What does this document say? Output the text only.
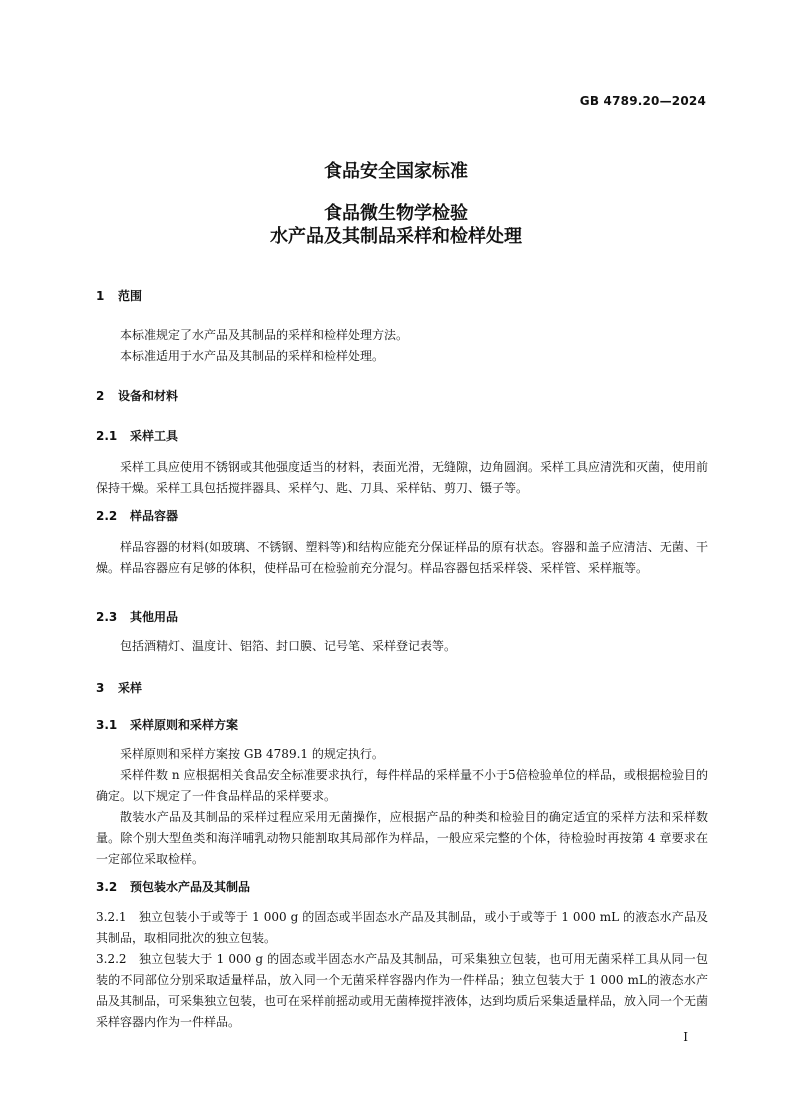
GB 4789.20—2024
食品安全国家标准
食品微生物学检验
水产品及其制品采样和检样处理
1 范围

本标准规定了水产品及其制品的采样和检样处理方法。

本标准适用于水产品及其制品的采样和检样处理。

2 设备和材料
2.1 采样工具

采样工具应使用不锈钢或其他强度适当的材料，表面光滑，无缝隙，边角圆润。采样工具应清洗和灭菌，使用前保持干燥。采样工具包括搅拌器具、采样勺、匙、刀具、采样钻、剪刀、镊子等。

2.2 样品容器

样品容器的材料(如玻璃、不锈钢、塑料等)和结构应能充分保证样品的原有状态。容器和盖子应清洁、无菌、干燥。样品容器应有足够的体积，使样品可在检验前充分混匀。样品容器包括采样袋、采样管、采样瓶等。

2.3 其他用品

包括酒精灯、温度计、铝箔、封口膜、记号笔、采样登记表等。

3 采样
3.1 采样原则和采样方案

采样原则和采样方案按 GB 4789.1 的规定执行。

采样件数 n 应根据相关食品安全标准要求执行，每件样品的采样量不小于5倍检验单位的样品，或根据检验目的确定。以下规定了一件食品样品的采样要求。

散装水产品及其制品的采样过程应采用无菌操作，应根据产品的种类和检验目的确定适宜的采样方法和采样数量。除个别大型鱼类和海洋哺乳动物只能割取其局部作为样品，一般应采完整的个体，待检验时再按第 4 章要求在一定部位采取检样。

3.2 预包装水产品及其制品

3.2.1　独立包装小于或等于 1 000 g 的固态或半固态水产品及其制品，或小于或等于 1 000 mL 的液态水产品及其制品，取相同批次的独立包装。

3.2.2　独立包装大于 1 000 g 的固态或半固态水产品及其制品，可采集独立包装，也可用无菌采样工具从同一包装的不同部位分别采取适量样品，放入同一个无菌采样容器内作为一件样品；独立包装大于 1 000 mL的液态水产品及其制品，可采集独立包装，也可在采样前摇动或用无菌棒搅拌液体，达到均质后采集适量样品，放入同一个无菌采样容器内作为一件样品。

I
